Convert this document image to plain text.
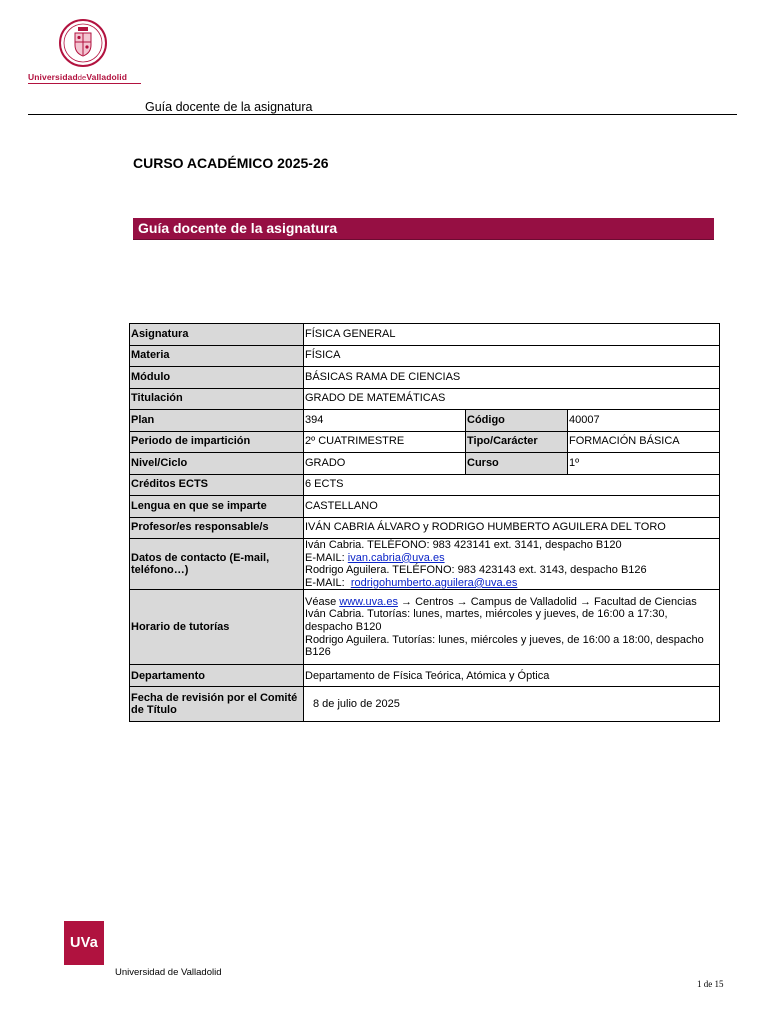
UniversidaddeValladolid
Guía docente de la asignatura
CURSO ACADÉMICO 2025-26
Guía docente de la asignatura
Asignatura	FÍSICA GENERAL		
Materia	FÍSICA		
Módulo	BÁSICAS RAMA DE CIENCIAS		
Titulación	GRADO DE MATEMÁTICAS		
Plan	394	Código	40007
Periodo de impartición	2º CUATRIMESTRE	Tipo/Carácter	FORMACIÓN BÁSICA
Nivel/Ciclo	GRADO	Curso	1º
Créditos ECTS	6 ECTS		
Lengua en que se imparte	CASTELLANO		
Profesor/es responsable/s	IVÁN CABRIA ÁLVARO y RODRIGO HUMBERTO AGUILERA DEL TORO		
Datos de contacto (E-mail, teléfono…)	Iván Cabria. TELÉFONO: 983 423141 ext. 3141, despacho B120
E-MAIL: ivan.cabria@uva.es
Rodrigo Aguilera. TELÉFONO: 983 423143 ext. 3143, despacho B126
E-MAIL:  rodrigohumberto.aguilera@uva.es		

Horario de tutorías	Véase www.uva.es → Centros → Campus de Valladolid → Facultad de Ciencias
Iván Cabria. Tutorías: lunes, martes, miércoles y jueves, de 16:00 a 17:30, despacho B120
Rodrigo Aguilera. Tutorías: lunes, miércoles y jueves, de 16:00 a 18:00, despacho B126		

Departamento	Departamento de Física Teórica, Atómica y Óptica		
Fecha de revisión por el Comité de Título	8 de julio de 2025		
UVa
Universidad de Valladolid
1 de 15
